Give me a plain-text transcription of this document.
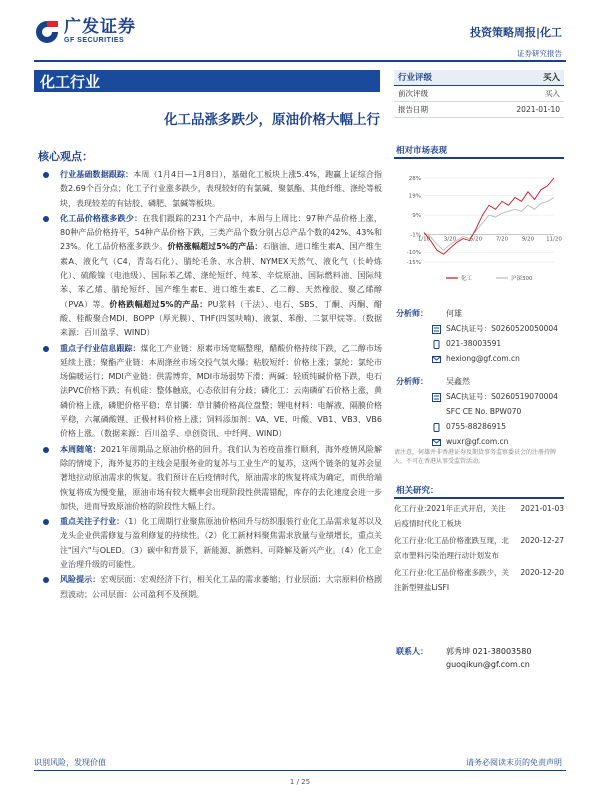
广发证券
GF SECURITIES
投资策略周报|化工
证券研究报告
化工行业
化工品涨多跌少，原油价格大幅上行
核心观点：
行业基础数据跟踪：本周（1月4日—1月8日），基础化工板块上涨5.4%，跑赢上证综合指数2.69个百分点；化工子行业涨多跌少，表现较好的有氯碱、聚氨酯、其他纤维、涤纶等板块，表现较差的有钴胶、磷肥、氯碱等板块。
化工品价格涨多跌少：在我们跟踪的231个产品中，本周与上周比：97种产品价格上涨，80种产品价格持平，54种产品价格下跌，三类产品个数分别占总产品个数的42%、43%和23%。化工品价格涨多跌少。价格涨幅超过5%的产品：石脑油、进口维生素A、国产维生素A、液化气（C4，青岛石化）、腈纶毛条、水合肼、NYMEX天然气、液化气（长岭炼化）、硫酸镍（电池级）、国际苯乙烯、涤纶短纤、纯苯、辛烷原油、国际燃料油、国际纯苯、苯乙烯、腈纶短纤、国产维生素E、进口维生素E、乙二醇、天然橡胶、聚乙烯醇（PVA）等。价格跌幅超过5%的产品：PU浆料（干法）、电石、SBS、丁酮、丙酮、醋酸、桂酸聚合MDI、BOPP（厚光膜）、THF(四氢呋喃)、液氯、苯酚、二氯甲烷等。（数据来源：百川盈孚、WIND）
重点子行业信息跟踪：煤化工产业链：原素市场宽幅整理，醋酸价格持续下跌，乙二醇市场延续上涨；聚酯产业链：本周涤丝市场交投气氛火爆；粘胶短纤：价格上涨；氯纶：氯纶市场偏暖运行；MDI产业链：供需博弈，MDI市场弱势下滑；两碱：轻质纯碱价格下跌，电石法PVC价格下跌；有机硅：整体触底，心态依旧有分歧；磷化工：云南磷矿石价格上涨，黄磷价格上涨，磷肥价格平稳；草甘膦：草甘膦价格高位盘整；锂电材料：电解液、隔膜价格平稳，六氟磷酸锂、正极材料价格上涨；饲料添加剂：VA、VE、叶酸、VB1、VB3、VB6价格上涨。（数据来源：百川盈孚、卓创资讯、中纤网、WIND）
本周随笔：2021年周期品之原油价格的回升。我们认为若疫苗推行顺利，海外疫情风险解除的情境下，海外复苏的主线会是服务业的复苏与工业生产的复苏，这两个链条的复苏会显著地拉动原油需求的恢复。我们预计在后疫情时代，原油需求的恢复将成为确定，而供给端恢复将成为慢变量，原油市场有较大概率会出现阶段性供需错配，库存的去化速度会进一步加快，进而导致原油价格的阶段性大幅上行。
重点关注子行业：（1）化工周期行业聚焦原油价格回升与纺织服装行业化工品需求复苏以及龙头企业供需修复与盈利修复的持续性。（2）化工新材料聚焦需求放量与业绩增长，重点关注"国六"与OLED。（3）碳中和背景下，新能源、新燃料、可降解及新兴产业。（4）化工企业治理升级的可能性。
风险提示：宏观层面：宏观经济下行，相关化工品的需求萎缩；行业层面：大宗原料价格剧烈波动；公司层面：公司盈利不及预期。
行业评级	买入
前次评级	买入
报告日期	2021-01-10
相对市场表现
28%
19%
9%
-1%
-10%
-15%
1/10 3/20 5/20 7/20 9/20 11/20
化工	沪深300
分析师： 何雄
SAC执证号：S0260520050004
021-38003591
hexiong@gf.com.cn
分析师： 吴鑫然
SAC执证号：S0260519070004
SFC CE No. BPW070
0755-88286915
wuxr@gf.com.cn
请注意，何雄并非香港证券及期货事务监察委员会的注册持牌人，不可在香港从事受监管活动。
相关研究：
化工行业:2021年正式开启，关注后疫情时代化工板块
2021-01-03
化工行业:化工品价格涨跌互现，北京市塑料污染治理行动计划发布
2020-12-27
化工行业:化工品价格涨多跌少，关注新型锂盐LiSFI
2020-12-20
联系人： 郭秀坤 021-38003580
guoqikun@gf.com.cn
识别风险，发现价值	请务必阅读末页的免责声明
1 / 25
